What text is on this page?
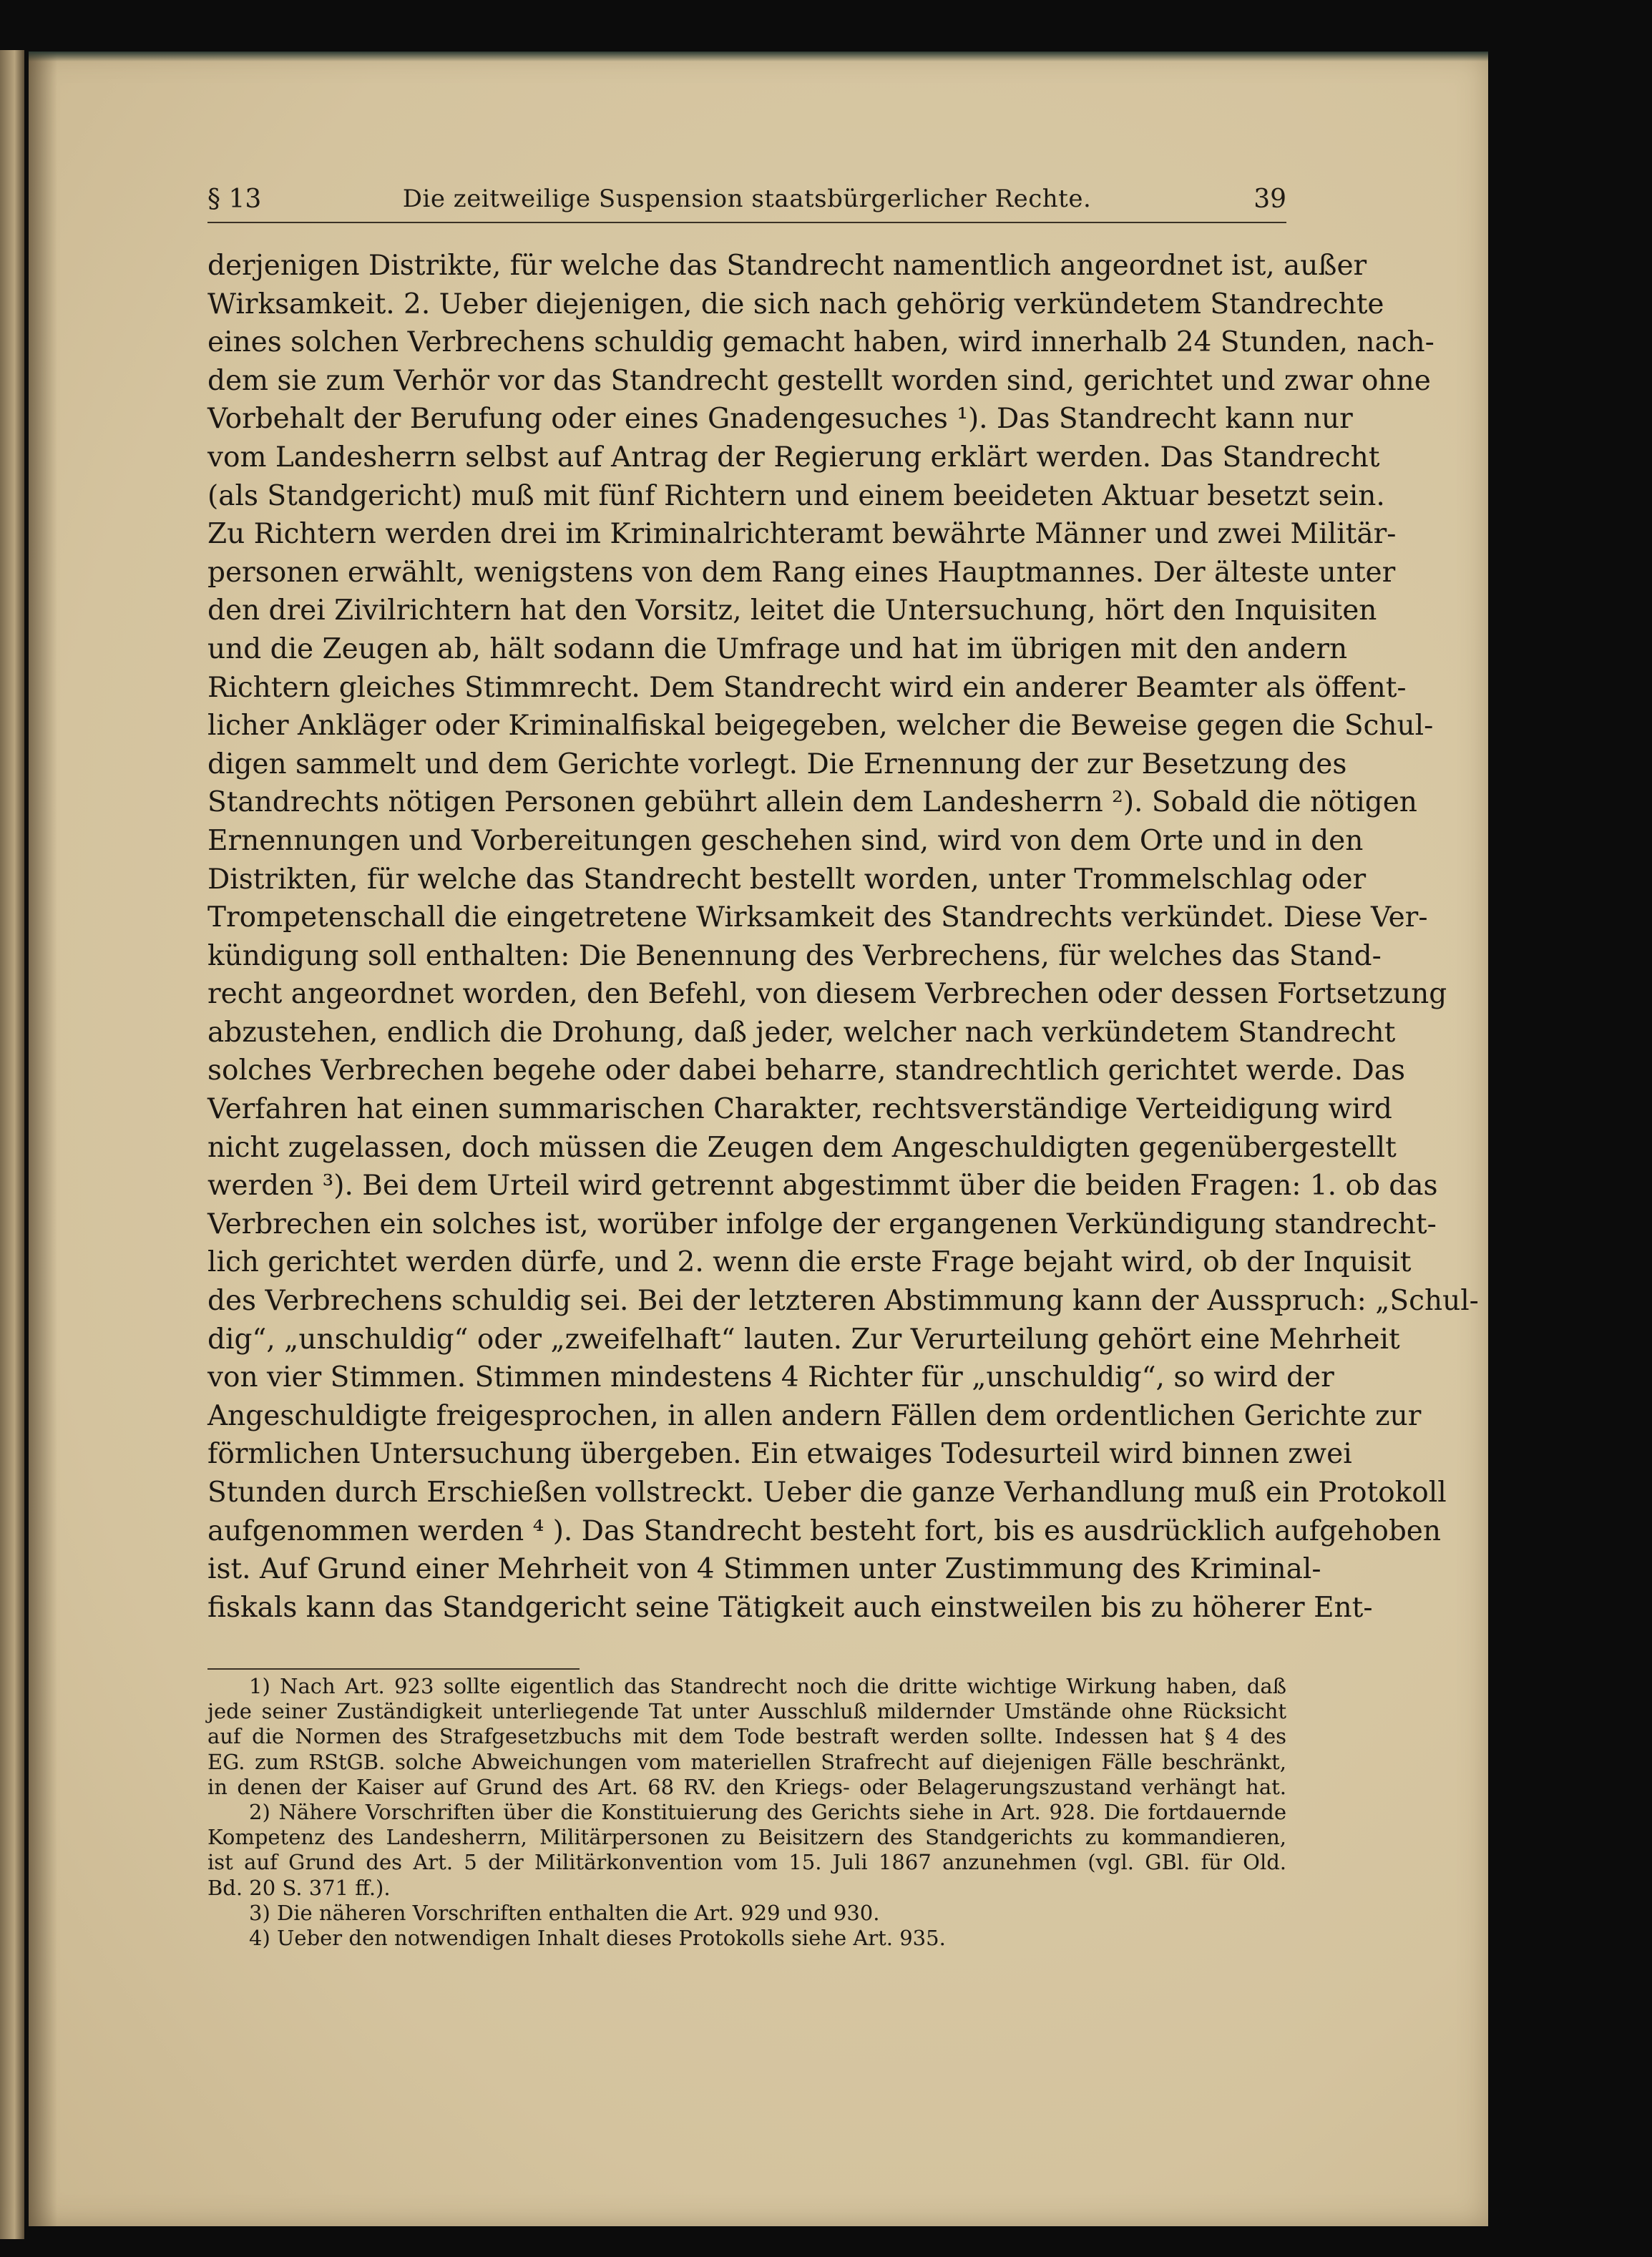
§ 13	Die zeitweilige Suspension staatsbürgerlicher Rechte.	39
derjenigen Distrikte, für welche das Standrecht namentlich angeordnet ist, außer
Wirksamkeit. 2. Ueber diejenigen, die sich nach gehörig verkündetem Standrechte
eines solchen Verbrechens schuldig gemacht haben, wird innerhalb 24 Stunden, nach-
dem sie zum Verhör vor das Standrecht gestellt worden sind, gerichtet und zwar ohne
Vorbehalt der Berufung oder eines Gnadengesuches ¹). Das Standrecht kann nur
vom Landesherrn selbst auf Antrag der Regierung erklärt werden. Das Standrecht
(als Standgericht) muß mit fünf Richtern und einem beeideten Aktuar besetzt sein.
Zu Richtern werden drei im Kriminalrichteramt bewährte Männer und zwei Militär-
personen erwählt, wenigstens von dem Rang eines Hauptmannes. Der älteste unter
den drei Zivilrichtern hat den Vorsitz, leitet die Untersuchung, hört den Inquisiten
und die Zeugen ab, hält sodann die Umfrage und hat im übrigen mit den andern
Richtern gleiches Stimmrecht. Dem Standrecht wird ein anderer Beamter als öffent-
licher Ankläger oder Kriminalfiskal beigegeben, welcher die Beweise gegen die Schul-
digen sammelt und dem Gerichte vorlegt. Die Ernennung der zur Besetzung des
Standrechts nötigen Personen gebührt allein dem Landesherrn ²). Sobald die nötigen
Ernennungen und Vorbereitungen geschehen sind, wird von dem Orte und in den
Distrikten, für welche das Standrecht bestellt worden, unter Trommelschlag oder
Trompetenschall die eingetretene Wirksamkeit des Standrechts verkündet. Diese Ver-
kündigung soll enthalten: Die Benennung des Verbrechens, für welches das Stand-
recht angeordnet worden, den Befehl, von diesem Verbrechen oder dessen Fortsetzung
abzustehen, endlich die Drohung, daß jeder, welcher nach verkündetem Standrecht
solches Verbrechen begehe oder dabei beharre, standrechtlich gerichtet werde. Das
Verfahren hat einen summarischen Charakter, rechtsverständige Verteidigung wird
nicht zugelassen, doch müssen die Zeugen dem Angeschuldigten gegenübergestellt
werden ³). Bei dem Urteil wird getrennt abgestimmt über die beiden Fragen: 1. ob das
Verbrechen ein solches ist, worüber infolge der ergangenen Verkündigung standrecht-
lich gerichtet werden dürfe, und 2. wenn die erste Frage bejaht wird, ob der Inquisit
des Verbrechens schuldig sei. Bei der letzteren Abstimmung kann der Ausspruch: „Schul-
dig“, „unschuldig“ oder „zweifelhaft“ lauten. Zur Verurteilung gehört eine Mehrheit
von vier Stimmen. Stimmen mindestens 4 Richter für „unschuldig“, so wird der
Angeschuldigte freigesprochen, in allen andern Fällen dem ordentlichen Gerichte zur
förmlichen Untersuchung übergeben. Ein etwaiges Todesurteil wird binnen zwei
Stunden durch Erschießen vollstreckt. Ueber die ganze Verhandlung muß ein Protokoll
aufgenommen werden ⁴ ). Das Standrecht besteht fort, bis es ausdrücklich aufgehoben
ist. Auf Grund einer Mehrheit von 4 Stimmen unter Zustimmung des Kriminal-
fiskals kann das Standgericht seine Tätigkeit auch einstweilen bis zu höherer Ent-
1) Nach Art. 923 sollte eigentlich das Standrecht noch die dritte wichtige Wirkung haben, daß
jede seiner Zuständigkeit unterliegende Tat unter Ausschluß mildernder Umstände ohne Rücksicht
auf die Normen des Strafgesetzbuchs mit dem Tode bestraft werden sollte. Indessen hat § 4 des
EG. zum RStGB. solche Abweichungen vom materiellen Strafrecht auf diejenigen Fälle beschränkt,
in denen der Kaiser auf Grund des Art. 68 RV. den Kriegs- oder Belagerungszustand verhängt hat.
2) Nähere Vorschriften über die Konstituierung des Gerichts siehe in Art. 928. Die fortdauernde
Kompetenz des Landesherrn, Militärpersonen zu Beisitzern des Standgerichts zu kommandieren,
ist auf Grund des Art. 5 der Militärkonvention vom 15. Juli 1867 anzunehmen (vgl. GBl. für Old.
Bd. 20 S. 371 ff.).
3) Die näheren Vorschriften enthalten die Art. 929 und 930.
4) Ueber den notwendigen Inhalt dieses Protokolls siehe Art. 935.
